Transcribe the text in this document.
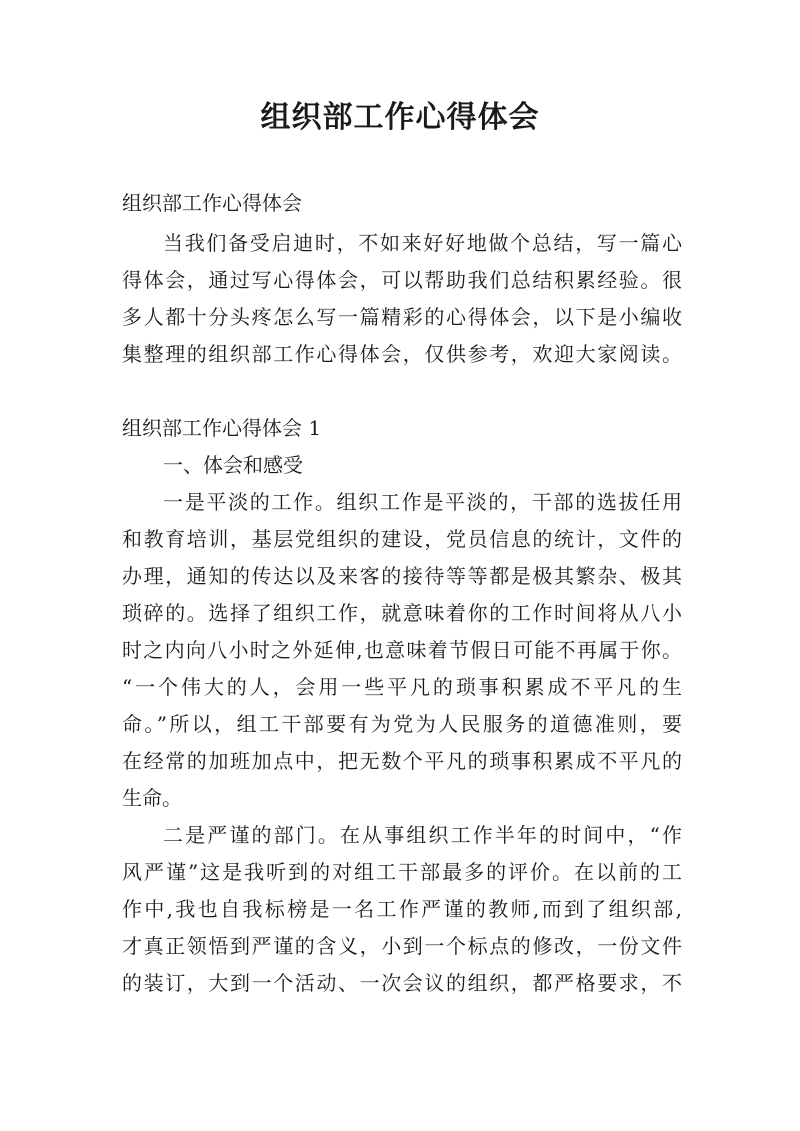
组织部工作心得体会
组织部工作心得体会
当我们备受启迪时，不如来好好地做个总结，写一篇心
得体会，通过写心得体会，可以帮助我们总结积累经验。很
多人都十分头疼怎么写一篇精彩的心得体会，以下是小编收
集整理的组织部工作心得体会，仅供参考，欢迎大家阅读。
组织部工作心得体会 1
一、体会和感受
一是平淡的工作。组织工作是平淡的，干部的选拔任用
和教育培训，基层党组织的建设，党员信息的统计，文件的
办理，通知的传达以及来客的接待等等都是极其繁杂、极其
琐碎的。选择了组织工作，就意味着你的工作时间将从八小
时之内向八小时之外延伸,也意味着节假日可能不再属于你。
“一个伟大的人，会用一些平凡的琐事积累成不平凡的生
命。”所以，组工干部要有为党为人民服务的道德准则，要
在经常的加班加点中，把无数个平凡的琐事积累成不平凡的
生命。
二是严谨的部门。在从事组织工作半年的时间中，“作
风严谨”这是我听到的对组工干部最多的评价。在以前的工
作中,我也自我标榜是一名工作严谨的教师,而到了组织部,
才真正领悟到严谨的含义，小到一个标点的修改，一份文件
的装订，大到一个活动、一次会议的组织，都严格要求，不
